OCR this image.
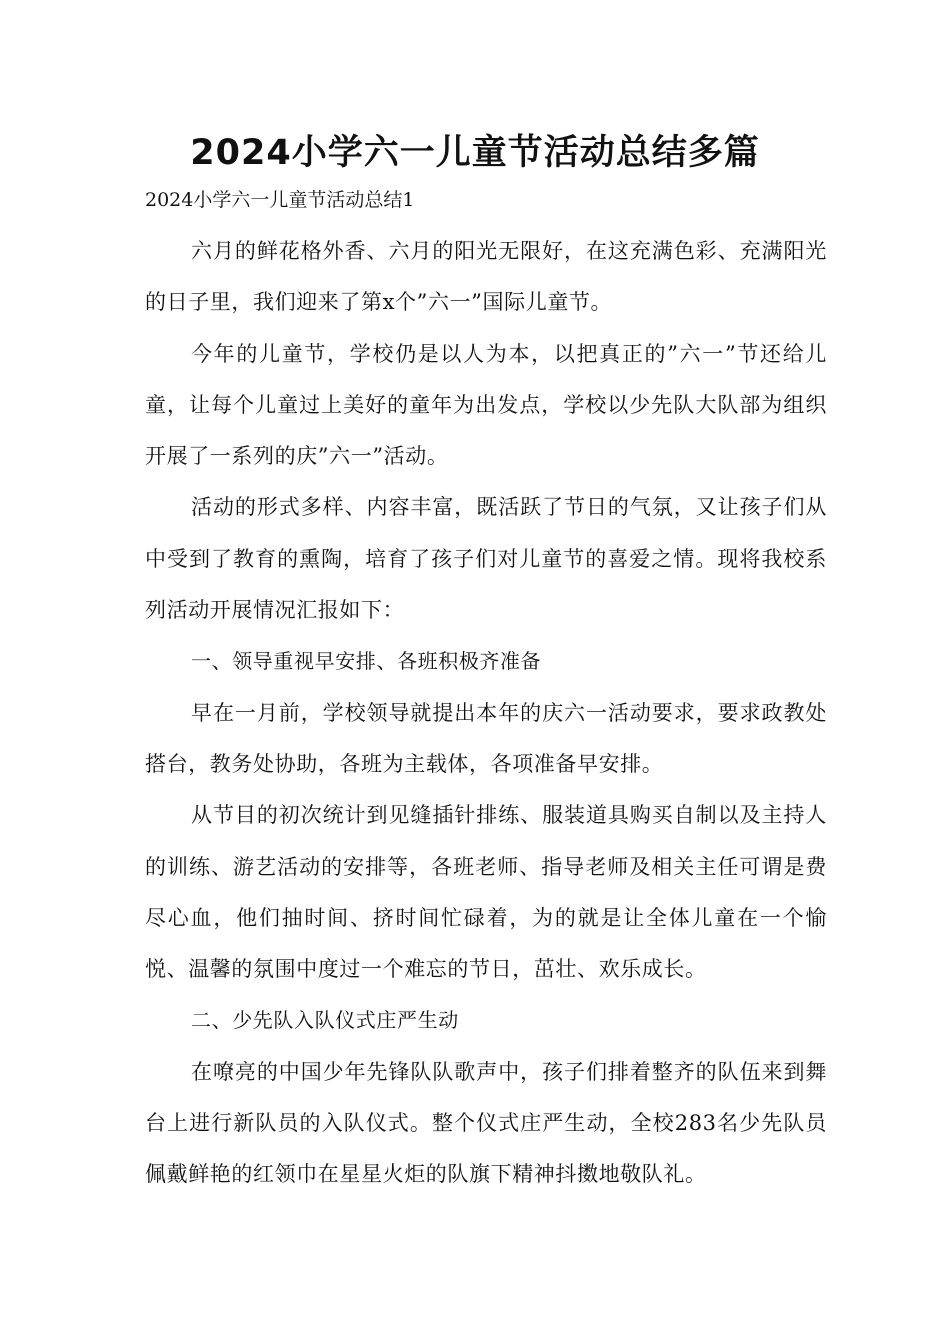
2024小学六一儿童节活动总结多篇

2024小学六一儿童节活动总结1

六月的鲜花格外香、六月的阳光无限好，在这充满色彩、充满阳光的日子里，我们迎来了第x个”六一”国际儿童节。

今年的儿童节，学校仍是以人为本，以把真正的”六一”节还给儿童，让每个儿童过上美好的童年为出发点，学校以少先队大队部为组织开展了一系列的庆”六一”活动。

活动的形式多样、内容丰富，既活跃了节日的气氛，又让孩子们从中受到了教育的熏陶，培育了孩子们对儿童节的喜爱之情。现将我校系列活动开展情况汇报如下：

一、领导重视早安排、各班积极齐准备

早在一月前，学校领导就提出本年的庆六一活动要求，要求政教处搭台，教务处协助，各班为主载体，各项准备早安排。

从节目的初次统计到见缝插针排练、服装道具购买自制以及主持人的训练、游艺活动的安排等，各班老师、指导老师及相关主任可谓是费尽心血，他们抽时间、挤时间忙碌着，为的就是让全体儿童在一个愉悦、温馨的氛围中度过一个难忘的节日，茁壮、欢乐成长。

二、少先队入队仪式庄严生动

在嘹亮的中国少年先锋队队歌声中，孩子们排着整齐的队伍来到舞台上进行新队员的入队仪式。整个仪式庄严生动，全校283名少先队员佩戴鲜艳的红领巾在星星火炬的队旗下精神抖擞地敬队礼。
